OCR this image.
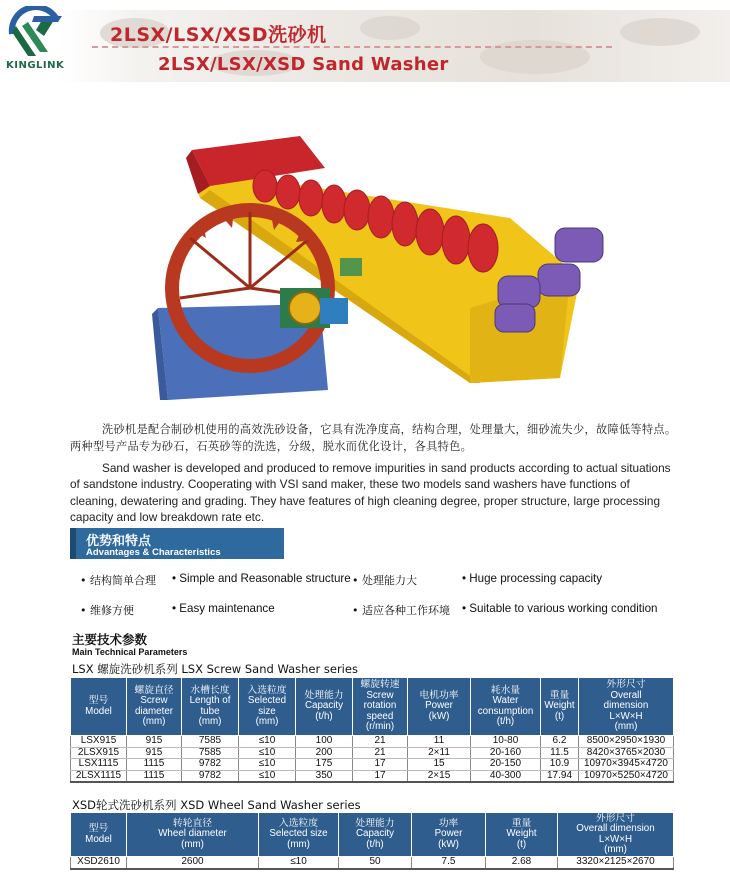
KINGLINK
2LSX/LSX/XSD洗砂机
2LSX/LSX/XSD Sand Washer
洗砂机是配合制砂机使用的高效洗砂设备，它具有洗净度高，结构合理，处理量大，细砂流失少，故障低等特点。两种型号产品专为砂石，石英砂等的洗选，分级，脱水而优化设计，各具特色。
Sand washer is developed and produced to remove impurities in sand products according to actual situations of sandstone industry. Cooperating with VSI sand maker, these two models sand washers have functions of cleaning, dewatering and grading. They have features of high cleaning degree, proper structure, large processing capacity and low breakdown rate etc.
优势和特点
Advantages & Characteristics
• 结构简单合理 • Simple and Reasonable structure • 处理能力大	• Huge processing capacity
• 维修方便	• Easy maintenance	• 适应各种工作环境 • Suitable to various working condition
主要技术参数
Main Technical Parameters
LSX 螺旋洗砂机系列 LSX Screw Sand Washer series
型号
Model	螺旋直径
Screw
diameter
(mm)	水槽长度
Length of
tube
(mm)	入选粒度
Selected
size
(mm)	处理能力
Capacity
(t/h)	螺旋转速
Screw
rotation
speed
(r/min)	电机功率
Power
(kW)	耗水量
Water
consumption
(t/h)	重量
Weight
(t)	外形尺寸
Overall
dimension
L×W×H
(mm)
LSX915	915	7585	≤10	100	21	11	10-80	6.2	8500×2950×1930
2LSX915	915	7585	≤10	200	21	2×11	20-160	11.5	8420×3765×2030
LSX1115	1115	9782	≤10	175	17	15	20-150	10.9	10970×3945×4720
2LSX1115	1115	9782	≤10	350	17	2×15	40-300	17.94	10970×5250×4720
XSD轮式洗砂机系列 XSD Wheel Sand Washer series
型号
Model	转轮直径
Wheel diameter
(mm)	入选粒度
Selected size
(mm)	处理能力
Capacity
(t/h)	功率
Power
(kW)	重量
Weight
(t)	外形尺寸
Overall dimension
L×W×H
(mm)
XSD2610	2600	≤10	50	7.5	2.68	3320×2125×2670
